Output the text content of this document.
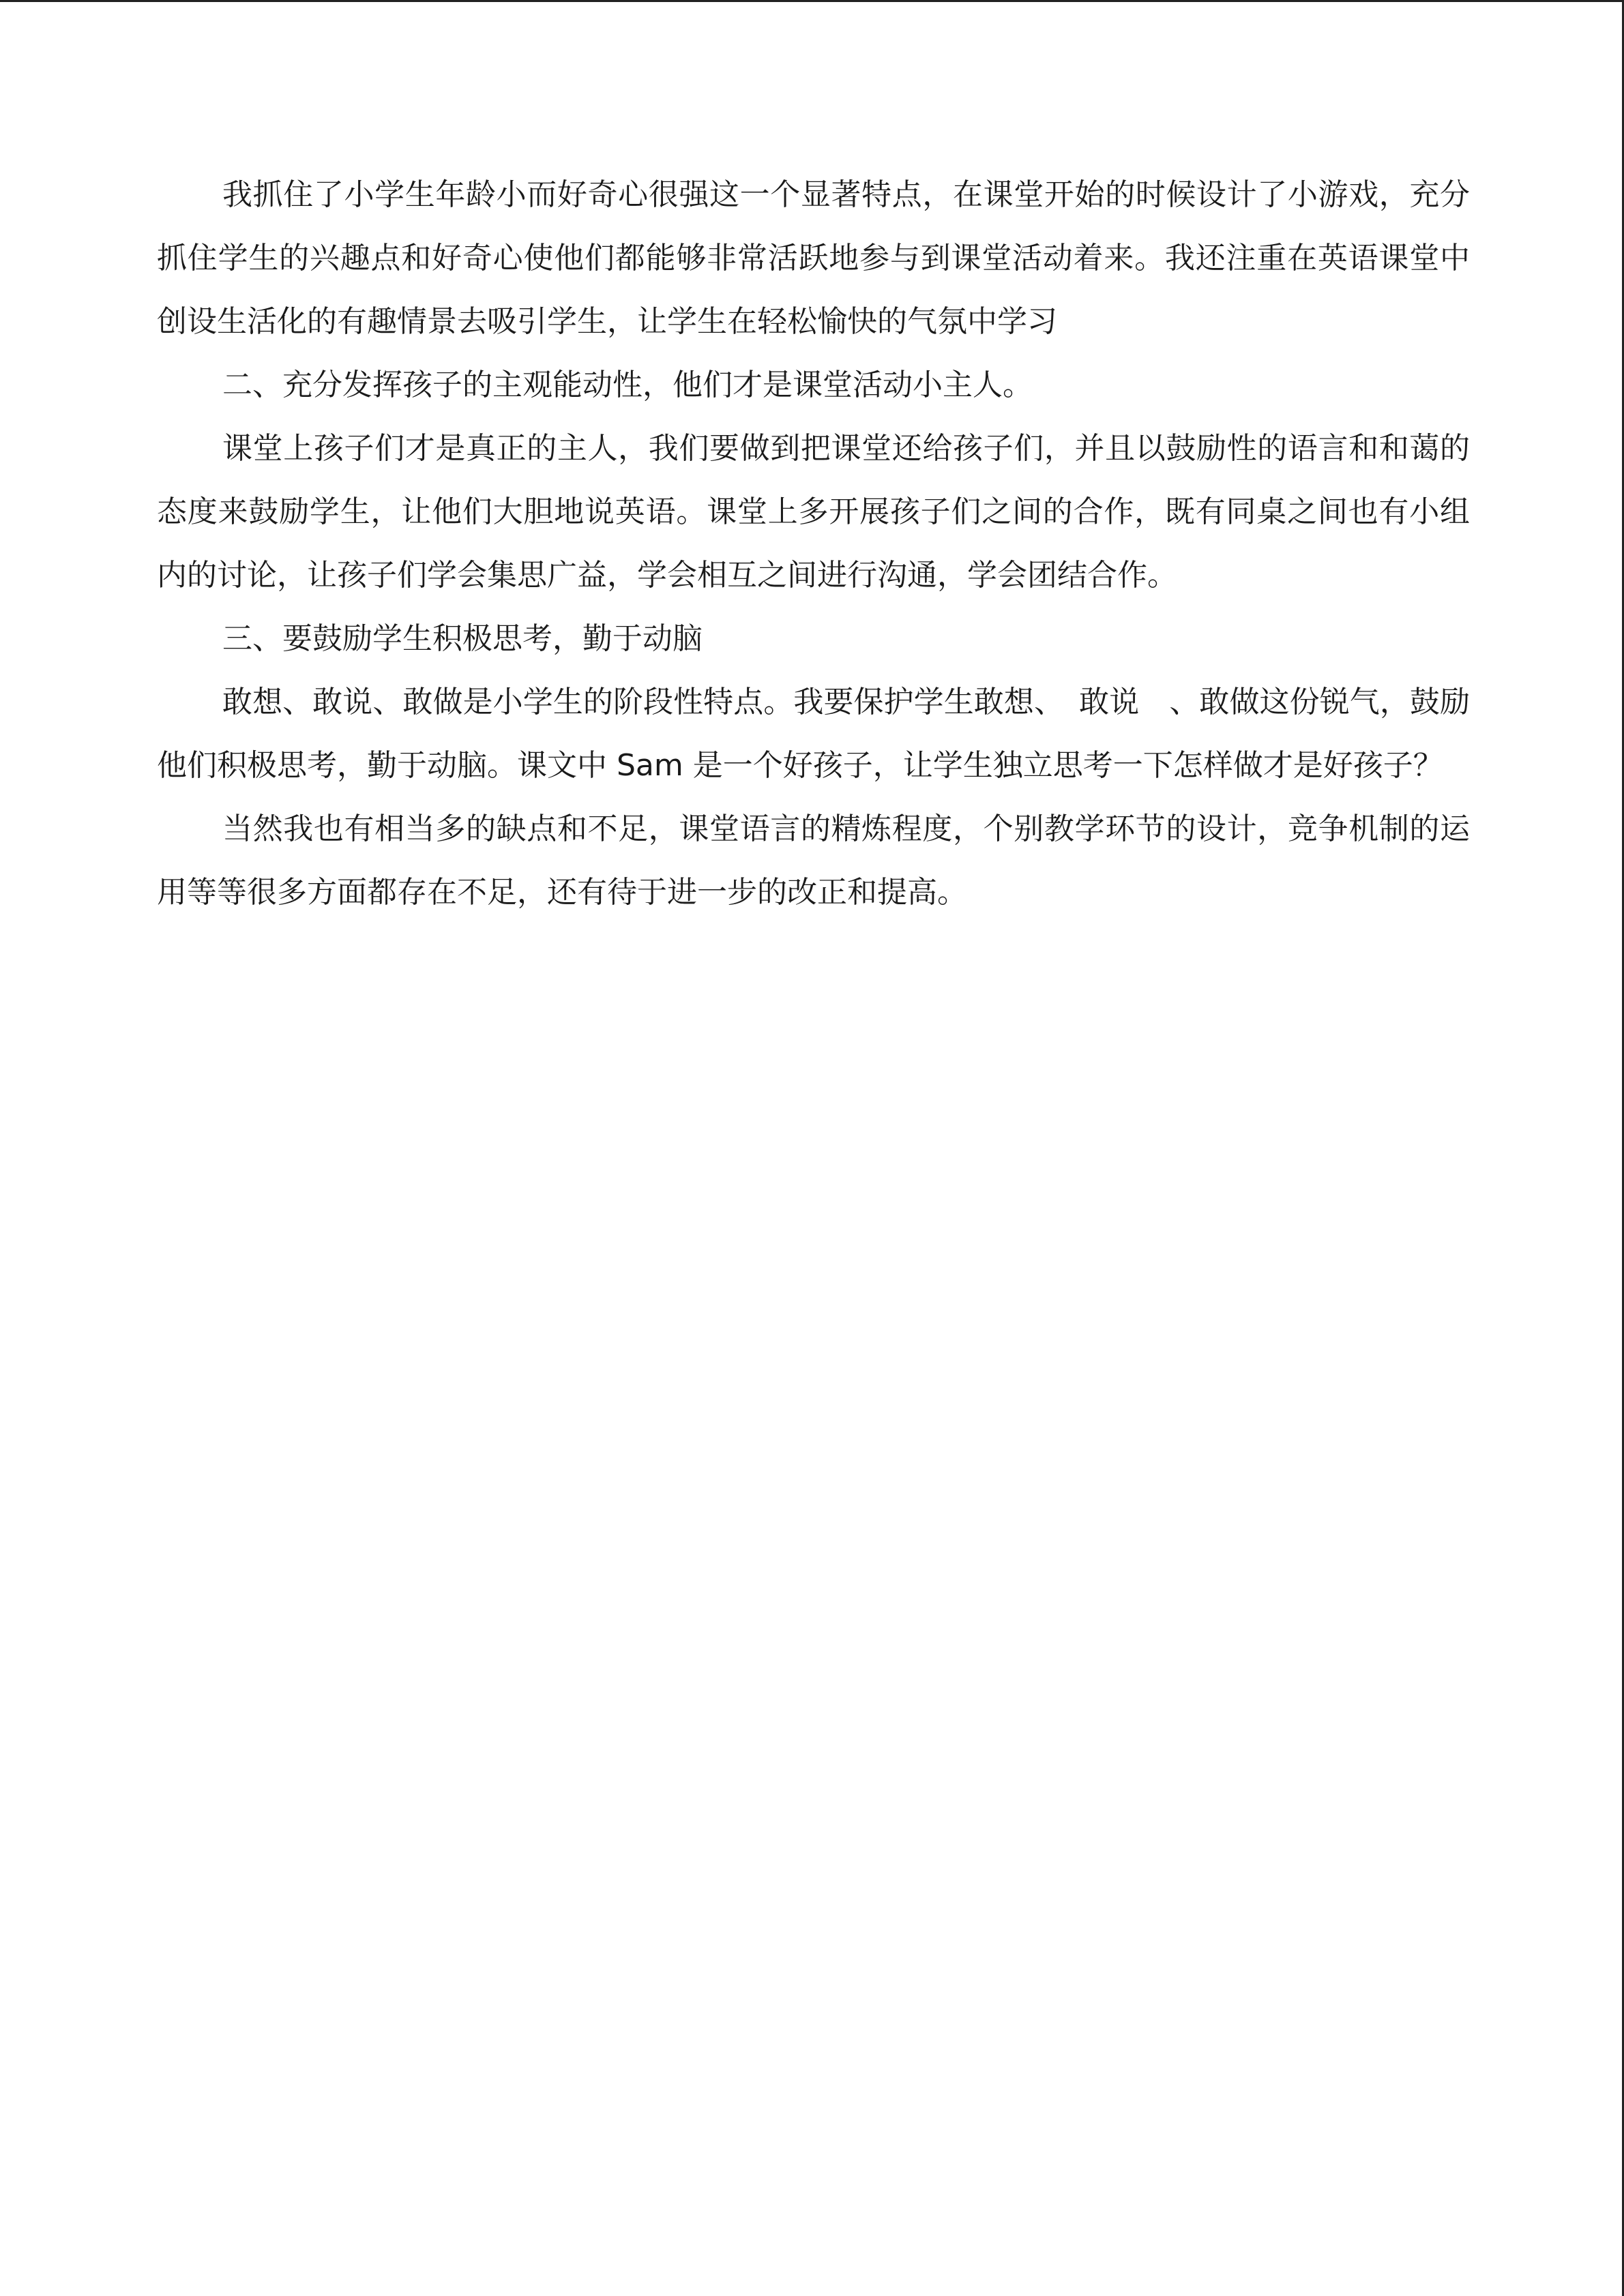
我抓住了小学生年龄小而好奇心很强这一个显著特点，在课堂开始的时候设计了小游戏，充分抓住学生的兴趣点和好奇心使他们都能够非常活跃地参与到课堂活动着来。我还注重在英语课堂中创设生活化的有趣情景去吸引学生，让学生在轻松愉快的气氛中学习

二、充分发挥孩子的主观能动性，他们才是课堂活动小主人。

课堂上孩子们才是真正的主人，我们要做到把课堂还给孩子们，并且以鼓励性的语言和和蔼的态度来鼓励学生，让他们大胆地说英语。课堂上多开展孩子们之间的合作，既有同桌之间也有小组内的讨论，让孩子们学会集思广益，学会相互之间进行沟通，学会团结合作。

三、要鼓励学生积极思考，勤于动脑

敢想、敢说、敢做是小学生的阶段性特点。我要保护学生敢想、　敢说　、敢做这份锐气，鼓励他们积极思考，勤于动脑。课文中 Sam 是一个好孩子，让学生独立思考一下怎样做才是好孩子？

当然我也有相当多的缺点和不足，课堂语言的精炼程度，个别教学环节的设计，竞争机制的运用等等很多方面都存在不足，还有待于进一步的改正和提高。
